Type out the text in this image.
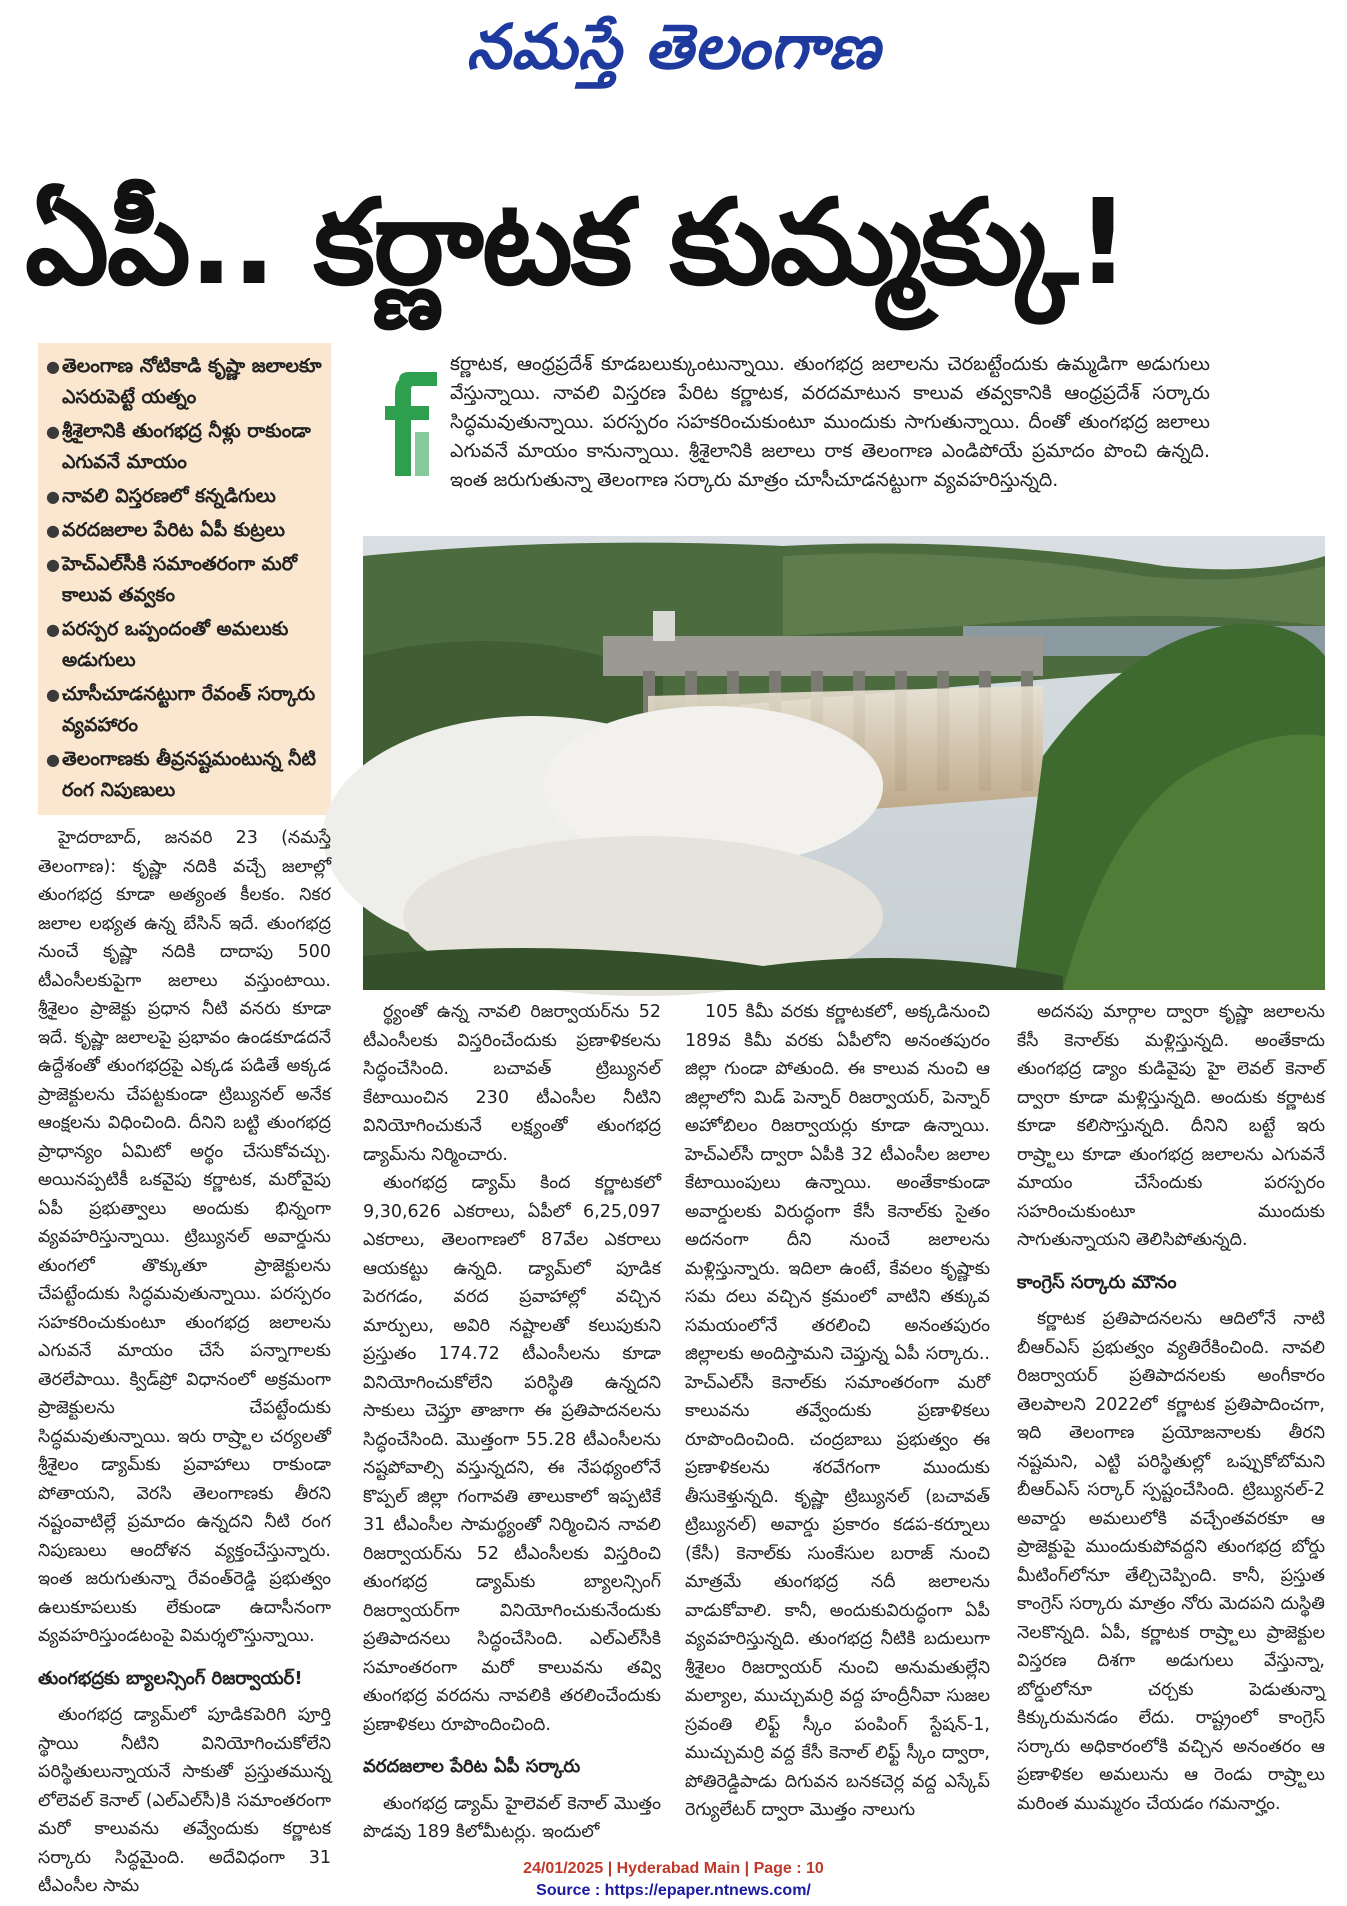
నమస్తే తెలంగాణ
ఏపీ.. కర్ణాటక కుమ్మక్కు!
● తెలంగాణ నోటికాడి కృష్ణా జలాలకూ ఎసరుపెట్టే యత్నం
● శ్రీశైలానికి తుంగభద్ర నీళ్లు రాకుండా ఎగువనే మాయం
● నావలి విస్తరణలో కన్నడిగులు
● వరదజలాల పేరిట ఏపీ కుట్రలు
● హెచ్‌ఎల్‌సీకి సమాంతరంగా మరో కాలువ తవ్వకం
● పరస్పర ఒప్పందంతో అమలుకు అడుగులు
● చూసీచూడనట్టుగా రేవంత్ సర్కారు వ్యవహారం
● తెలంగాణకు తీవ్రనష్టమంటున్న నీటి రంగ నిపుణులు
కర్ణాటక, ఆంధ్రప్రదేశ్ కూడబలుక్కుంటున్నాయి. తుంగభద్ర జలాలను చెరబట్టేందుకు ఉమ్మడిగా అడుగులు వేస్తున్నాయి. నావలి విస్తరణ పేరిట కర్ణాటక, వరదమాటున కాలువ తవ్వకానికి ఆంధ్రప్రదేశ్ సర్కారు సిద్ధమవుతున్నాయి. పరస్పరం సహకరించుకుంటూ ముందుకు సాగుతున్నాయి. దీంతో తుంగభద్ర జలాలు ఎగువనే మాయం కానున్నాయి. శ్రీశైలానికి జలాలు రాక తెలంగాణ ఎండిపోయే ప్రమాదం పొంచి ఉన్నది. ఇంత జరుగుతున్నా తెలంగాణ సర్కారు మాత్రం చూసీచూడనట్టుగా వ్యవహరిస్తున్నది.

హైదరాబాద్, జనవరి 23 (నమస్తే తెలంగాణ): కృష్ణా నదికి వచ్చే జలాల్లో తుంగభద్ర కూడా అత్యంత కీలకం. నికర జలాల లభ్యత ఉన్న బేసిన్ ఇదే. తుంగభద్ర నుంచే కృష్ణా నదికి దాదాపు 500 టీఎంసీలకుపైగా జలాలు వస్తుంటాయి. శ్రీశైలం ప్రాజెక్టు ప్రధాన నీటి వనరు కూడా ఇదే. కృష్ణా జలాలపై ప్రభావం ఉండకూడదనే ఉద్దేశంతో తుంగభద్రపై ఎక్కడ పడితే అక్కడ ప్రాజెక్టులను చేపట్టకుండా ట్రిబ్యునల్ అనేక ఆంక్షలను విధించింది. దీనిని బట్టి తుంగభద్ర ప్రాధాన్యం ఏమిటో అర్థం చేసుకోవచ్చు. అయినప్పటికీ ఒకవైపు కర్ణాటక, మరోవైపు ఏపీ ప్రభుత్వాలు అందుకు భిన్నంగా వ్యవహరిస్తున్నాయి. ట్రిబ్యునల్ అవార్డును తుంగలో తొక్కుతూ ప్రాజెక్టులను చేపట్టేందుకు సిద్ధమవుతున్నాయి. పరస్పరం సహకరించుకుంటూ తుంగభద్ర జలాలను ఎగువనే మాయం చేసే పన్నాగాలకు తెరలేపాయి. క్విడ్‌ప్రో విధానంలో అక్రమంగా ప్రాజెక్టులను చేపట్టేందుకు సిద్ధమవుతున్నాయి. ఇరు రాష్ర్టాల చర్యలతో శ్రీశైలం డ్యామ్‌కు ప్రవాహాలు రాకుండా పోతాయని, వెరసి తెలంగాణకు తీరని నష్టంవాటిల్లే ప్రమాదం ఉన్నదని నీటి రంగ నిపుణులు ఆందోళన వ్యక్తంచేస్తున్నారు. ఇంత జరుగుతున్నా రేవంత్‌రెడ్డి ప్రభుత్వం ఉలుకూపలుకు లేకుండా ఉదాసీనంగా వ్యవహరిస్తుండటంపై విమర్శలొస్తున్నాయి.

తుంగభద్రకు బ్యాలన్సింగ్ రిజర్వాయర్!

తుంగభద్ర డ్యామ్‌లో పూడికపెరిగి పూర్తి స్థాయి నీటిని వినియోగించుకోలేని పరిస్థితులున్నాయనే సాకుతో ప్రస్తుతమున్న లోలెవల్ కెనాల్ (ఎల్‌ఎల్‌సీ)కి సమాంతరంగా మరో కాలువను తవ్వేందుకు కర్ణాటక సర్కారు సిద్ధమైంది. అదేవిధంగా 31 టీఎంసీల సామ

ర్థ్యంతో ఉన్న నావలి రిజర్వాయర్‌ను 52 టీఎంసీలకు విస్తరించేందుకు ప్రణాళికలను సిద్ధంచేసింది. బచావత్ ట్రిబ్యునల్ కేటాయించిన 230 టీఎంసీల నీటిని వినియోగించుకునే లక్ష్యంతో తుంగభద్ర డ్యామ్‌ను నిర్మించారు.

తుంగభద్ర డ్యామ్ కింద కర్ణాటకలో 9,30,626 ఎకరాలు, ఏపీలో 6,25,097 ఎకరాలు, తెలంగాణలో 87వేల ఎకరాలు ఆయకట్టు ఉన్నది. డ్యామ్‌లో పూడిక పెరగడం, వరద ప్రవాహాల్లో వచ్చిన మార్పులు, అవిరి నష్టాలతో కలుపుకుని ప్రస్తుతం 174.72 టీఎంసీలను కూడా వినియోగించుకోలేని పరిస్థితి ఉన్నదని సాకులు చెప్తూ తాజాగా ఈ ప్రతిపాదనలను సిద్ధంచేసింది. మొత్తంగా 55.28 టీఎంసీలను నష్టపోవాల్సి వస్తున్నదని, ఈ నేపథ్యంలోనే కొప్పల్ జిల్లా గంగావతి తాలుకాలో ఇప్పటికే 31 టీఎంసీల సామర్థ్యంతో నిర్మించిన నావలి రిజర్వాయర్‌ను 52 టీఎంసీలకు విస్తరించి తుంగభద్ర డ్యామ్‌కు బ్యాలన్సింగ్ రిజర్వాయర్‌గా వినియోగించుకునేందుకు ప్రతిపాదనలు సిద్ధంచేసింది. ఎల్‌ఎల్‌సీకి సమాంతరంగా మరో కాలువను తవ్వి తుంగభద్ర వరదను నావలికి తరలించేందుకు ప్రణాళికలు రూపొందించింది.

వరదజలాల పేరిట ఏపీ సర్కారు

తుంగభద్ర డ్యామ్ హైలెవల్ కెనాల్ మొత్తం పొడవు 189 కిలోమీటర్లు. ఇందులో

105 కిమీ వరకు కర్ణాటకలో, అక్కడినుంచి 189వ కిమీ వరకు ఏపీలోని అనంతపురం జిల్లా గుండా పోతుంది. ఈ కాలువ నుంచి ఆ జిల్లాలోని మిడ్ పెన్నార్ రిజర్వాయర్, పెన్నార్ అహోబిలం రిజర్వాయర్లు కూడా ఉన్నాయి. హెచ్‌ఎల్‌సీ ద్వారా ఏపీకి 32 టీఎంసీల జలాల కేటాయింపులు ఉన్నాయి. అంతేకాకుండా అవార్డులకు విరుద్ధంగా కేసీ కెనాల్‌కు సైతం అదనంగా దీని నుంచే జలాలను మళ్లిస్తున్నారు. ఇదిలా ఉంటే, కేవలం కృష్ణాకు సమ దలు వచ్చిన క్రమంలో వాటిని తక్కువ సమయంలోనే తరలించి అనంతపురం జిల్లాలకు అందిస్తామని చెప్తున్న ఏపీ సర్కారు.. హెచ్‌ఎల్‌సీ కెనాల్‌కు సమాంతరంగా మరో కాలువను తవ్వేందుకు ప్రణాళికలు రూపొందించింది. చంద్రబాబు ప్రభుత్వం ఈ ప్రణాళికలను శరవేగంగా ముందుకు తీసుకెళ్తున్నది. కృష్ణా ట్రిబ్యునల్ (బచావత్ ట్రిబ్యునల్) అవార్డు ప్రకారం కడప-కర్నూలు (కేసీ) కెనాల్‌కు సుంకేసుల బరాజ్ నుంచి మాత్రమే తుంగభద్ర నదీ జలాలను వాడుకోవాలి. కానీ, అందుకువిరుద్ధంగా ఏపీ వ్యవహరిస్తున్నది. తుంగభద్ర నీటికి బదులుగా శ్రీశైలం రిజర్వాయర్ నుంచి అనుమతుల్లేని మల్యాల, ముచ్చుమర్రి వద్ద హంద్రీనీవా సుజల స్రవంతి లిఫ్ట్ స్కీం పంపింగ్ స్టేషన్-1, ముచ్చుమర్రి వద్ద కేసీ కెనాల్ లిఫ్ట్ స్కీం ద్వారా, పోతిరెడ్డిపాడు దిగువన బనకచెర్ల వద్ద ఎస్కేప్ రెగ్యులేటర్ ద్వారా మొత్తం నాలుగు

అదనపు మార్గాల ద్వారా కృష్ణా జలాలను కేసీ కెనాల్‌కు మళ్లిస్తున్నది. అంతేకాదు తుంగభద్ర డ్యాం కుడివైపు హై లెవల్ కెనాల్ ద్వారా కూడా మళ్లిస్తున్నది. అందుకు కర్ణాటక కూడా కలిసొస్తున్నది. దీనిని బట్టే ఇరు రాష్ర్టాలు కూడా తుంగభద్ర జలాలను ఎగువనే మాయం చేసేందుకు పరస్పరం సహరించుకుంటూ ముందుకు సాగుతున్నాయని తెలిసిపోతున్నది.

కాంగ్రెస్ సర్కారు మౌనం

కర్ణాటక ప్రతిపాదనలను ఆదిలోనే నాటి బీఆర్‌ఎస్ ప్రభుత్వం వ్యతిరేకించింది. నావలి రిజర్వాయర్ ప్రతిపాదనలకు అంగీకారం తెలపాలని 2022లో కర్ణాటక ప్రతిపాదించగా, ఇది తెలంగాణ ప్రయోజనాలకు తీరని నష్టమని, ఎట్టి పరిస్థితుల్లో ఒప్పుకోబోమని బీఆర్‌ఎస్ సర్కార్ స్పష్టంచేసింది. ట్రిబ్యునల్-2 అవార్డు అమలులోకి వచ్చేంతవరకూ ఆ ప్రాజెక్టుపై ముందుకుపోవద్దని తుంగభద్ర బోర్డు మీటింగ్‌లోనూ తేల్చిచెప్పింది. కానీ, ప్రస్తుత కాంగ్రెస్ సర్కారు మాత్రం నోరు మెదపని దుస్థితి నెలకొన్నది. ఏపీ, కర్ణాటక రాష్ర్టాలు ప్రాజెక్టుల విస్తరణ దిశగా అడుగులు వేస్తున్నా, బోర్డులోనూ చర్చకు పెడుతున్నా కిక్కురుమనడం లేదు. రాష్ట్రంలో కాంగ్రెస్ సర్కారు అధికారంలోకి వచ్చిన అనంతరం ఆ ప్రణాళికల అమలును ఆ రెండు రాష్ర్టాలు మరింత ముమ్మరం చేయడం గమనార్హం.

24/01/2025 | Hyderabad Main | Page : 10
Source : https://epaper.ntnews.com/
